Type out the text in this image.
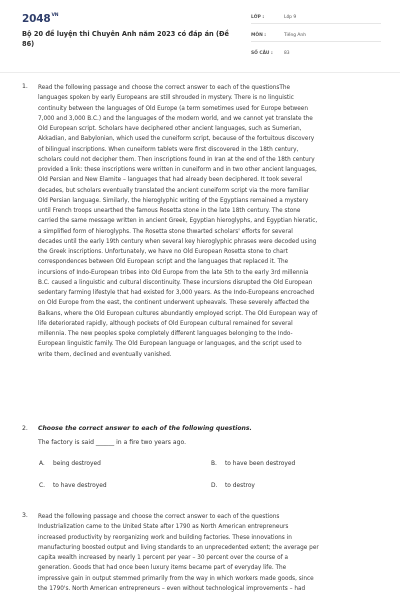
$2048^{VN}$
Bộ 20 đề luyện thi Chuyên Anh năm 2023 có đáp án (Đề 86)
LỚP :	Lớp 9
MÔN :	Tiếng Anh
SỐ CÂU :	83
1. Read the following passage and choose the correct answer to each of the questionsThe
languages spoken by early Europeans are still shrouded in mystery. There is no linguistic
continuity between the languages of Old Europe (a term sometimes used for Europe between
7,000 and 3,000 B.C.) and the languages of the modern world, and we cannot yet translate the
Old European script. Scholars have deciphered other ancient languages, such as Sumerian,
Akkadian, and Babylonian, which used the cuneiform script, because of the fortuitous discovery
of bilingual inscriptions. When cuneiform tablets were first discovered in the 18th century,
scholars could not decipher them. Then inscriptions found in Iran at the end of the 18th century
provided a link: these inscriptions were written in cuneiform and in two other ancient languages,
Old Persian and New Elamite – languages that had already been deciphered. It took several
decades, but scholars eventually translated the ancient cuneiform script via the more familiar
Old Persian language. Similarly, the hieroglyphic writing of the Egyptians remained a mystery
until French troops unearthed the famous Rosetta stone in the late 18th century. The stone
carried the same message written in ancient Greek, Egyptian hieroglyphs, and Egyptian hieratic,
a simplified form of hieroglyphs. The Rosetta stone thwarted scholars' efforts for several
decades until the early 19th century when several key hieroglyphic phrases were decoded using
the Greek inscriptions. Unfortunately, we have no Old European Rosetta stone to chart
correspondences between Old European script and the languages that replaced it. The
incursions of Indo-European tribes into Old Europe from the late 5th to the early 3rd millennia
B.C. caused a linguistic and cultural discontinuity. These incursions disrupted the Old European
sedentary farming lifestyle that had existed for 3,000 years. As the Indo-Europeans encroached
on Old Europe from the east, the continent underwent upheavals. These severely affected the
Balkans, where the Old European cultures abundantly employed script. The Old European way of
life deteriorated rapidly, although pockets of Old European cultural remained for several
millennia. The new peoples spoke completely different languages belonging to the Indo-
European linguistic family. The Old European language or languages, and the script used to
write them, declined and eventually vanished.
2. Choose the correct answer to each of the following questions.
The factory is said ______ in a fire two years ago.
A. being destroyed	B. to have been destroyed
C. to have destroyed	D. to destroy
3. Read the following passage and choose the correct answer to each of the questions
Industrialization came to the United State after 1790 as North American entrepreneurs
increased productivity by reorganizing work and building factories. These innovations in
manufacturing boosted output and living standards to an unprecedented extent; the average per
capita wealth increased by nearly 1 percent per year – 30 percent over the course of a
generation. Goods that had once been luxury items became part of everyday life. The
impressive gain in output stemmed primarily from the way in which workers made goods, since
the 1790's. North American entrepreneurs – even without technological improvements – had
